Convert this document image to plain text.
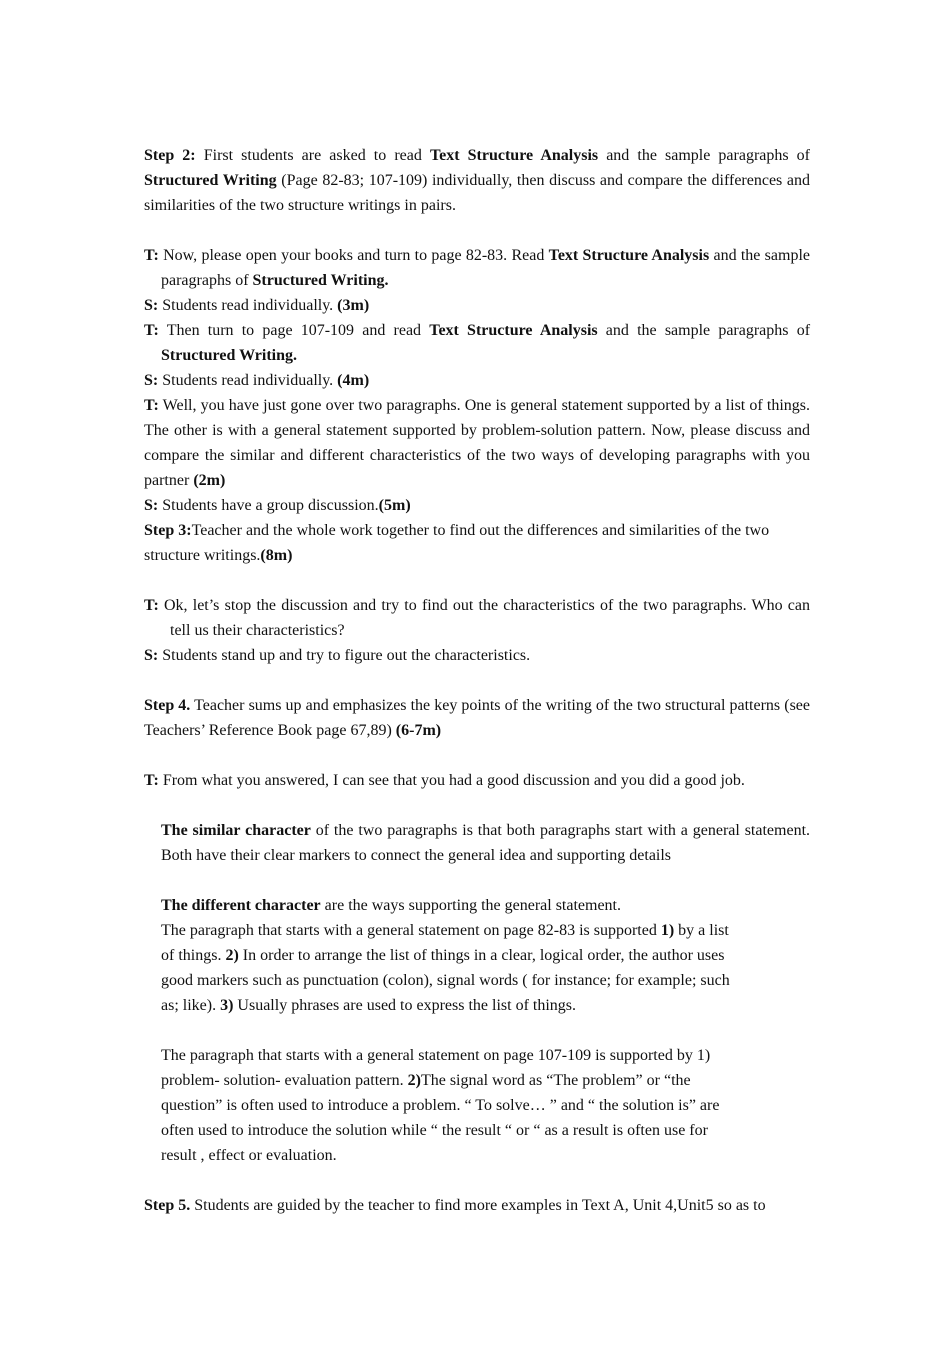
Step 2: First students are asked to read Text Structure Analysis and the sample paragraphs of Structured Writing (Page 82-83; 107-109) individually, then discuss and compare the differences and similarities of the two structure writings in pairs.

T: Now, please open your books and turn to page 82-83. Read Text Structure Analysis and the sample paragraphs of Structured Writing.

S: Students read individually. (3m)

T: Then turn to page 107-109 and read Text Structure Analysis and the sample paragraphs of Structured Writing.

S: Students read individually. (4m)

T: Well, you have just gone over two paragraphs. One is general statement supported by a list of things. The other is with a general statement supported by problem-solution pattern. Now, please discuss and compare the similar and different characteristics of the two ways of developing paragraphs with you partner (2m)

S: Students have a group discussion.(5m)

Step 3:Teacher and the whole work together to find out the differences and similarities of the two structure writings.(8m)

T: Ok, let’s stop the discussion and try to find out the characteristics of the two paragraphs. Who can tell us their characteristics?

S: Students stand up and try to figure out the characteristics.

Step 4. Teacher sums up and emphasizes the key points of the writing of the two structural patterns (see Teachers’ Reference Book page 67,89) (6-7m)

T: From what you answered, I can see that you had a good discussion and you did a good job.

The similar character of the two paragraphs is that both paragraphs start with a general statement. Both have their clear markers to connect the general idea and supporting details

The different character are the ways supporting the general statement.

The paragraph that starts with a general statement on page 82-83 is supported 1) by a list of things. 2) In order to arrange the list of things in a clear, logical order, the author uses good markers such as punctuation (colon), signal words ( for instance; for example; such as; like). 3) Usually phrases are used to express the list of things.

The paragraph that starts with a general statement on page 107-109 is supported by 1) problem- solution- evaluation pattern. 2)The signal word as “The problem” or “the question” is often used to introduce a problem. “ To solve… ” and “ the solution is” are often used to introduce the solution while “ the result “ or “ as a result is often use for result , effect or evaluation.

Step 5. Students are guided by the teacher to find more examples in Text A, Unit 4,Unit5 so as to
